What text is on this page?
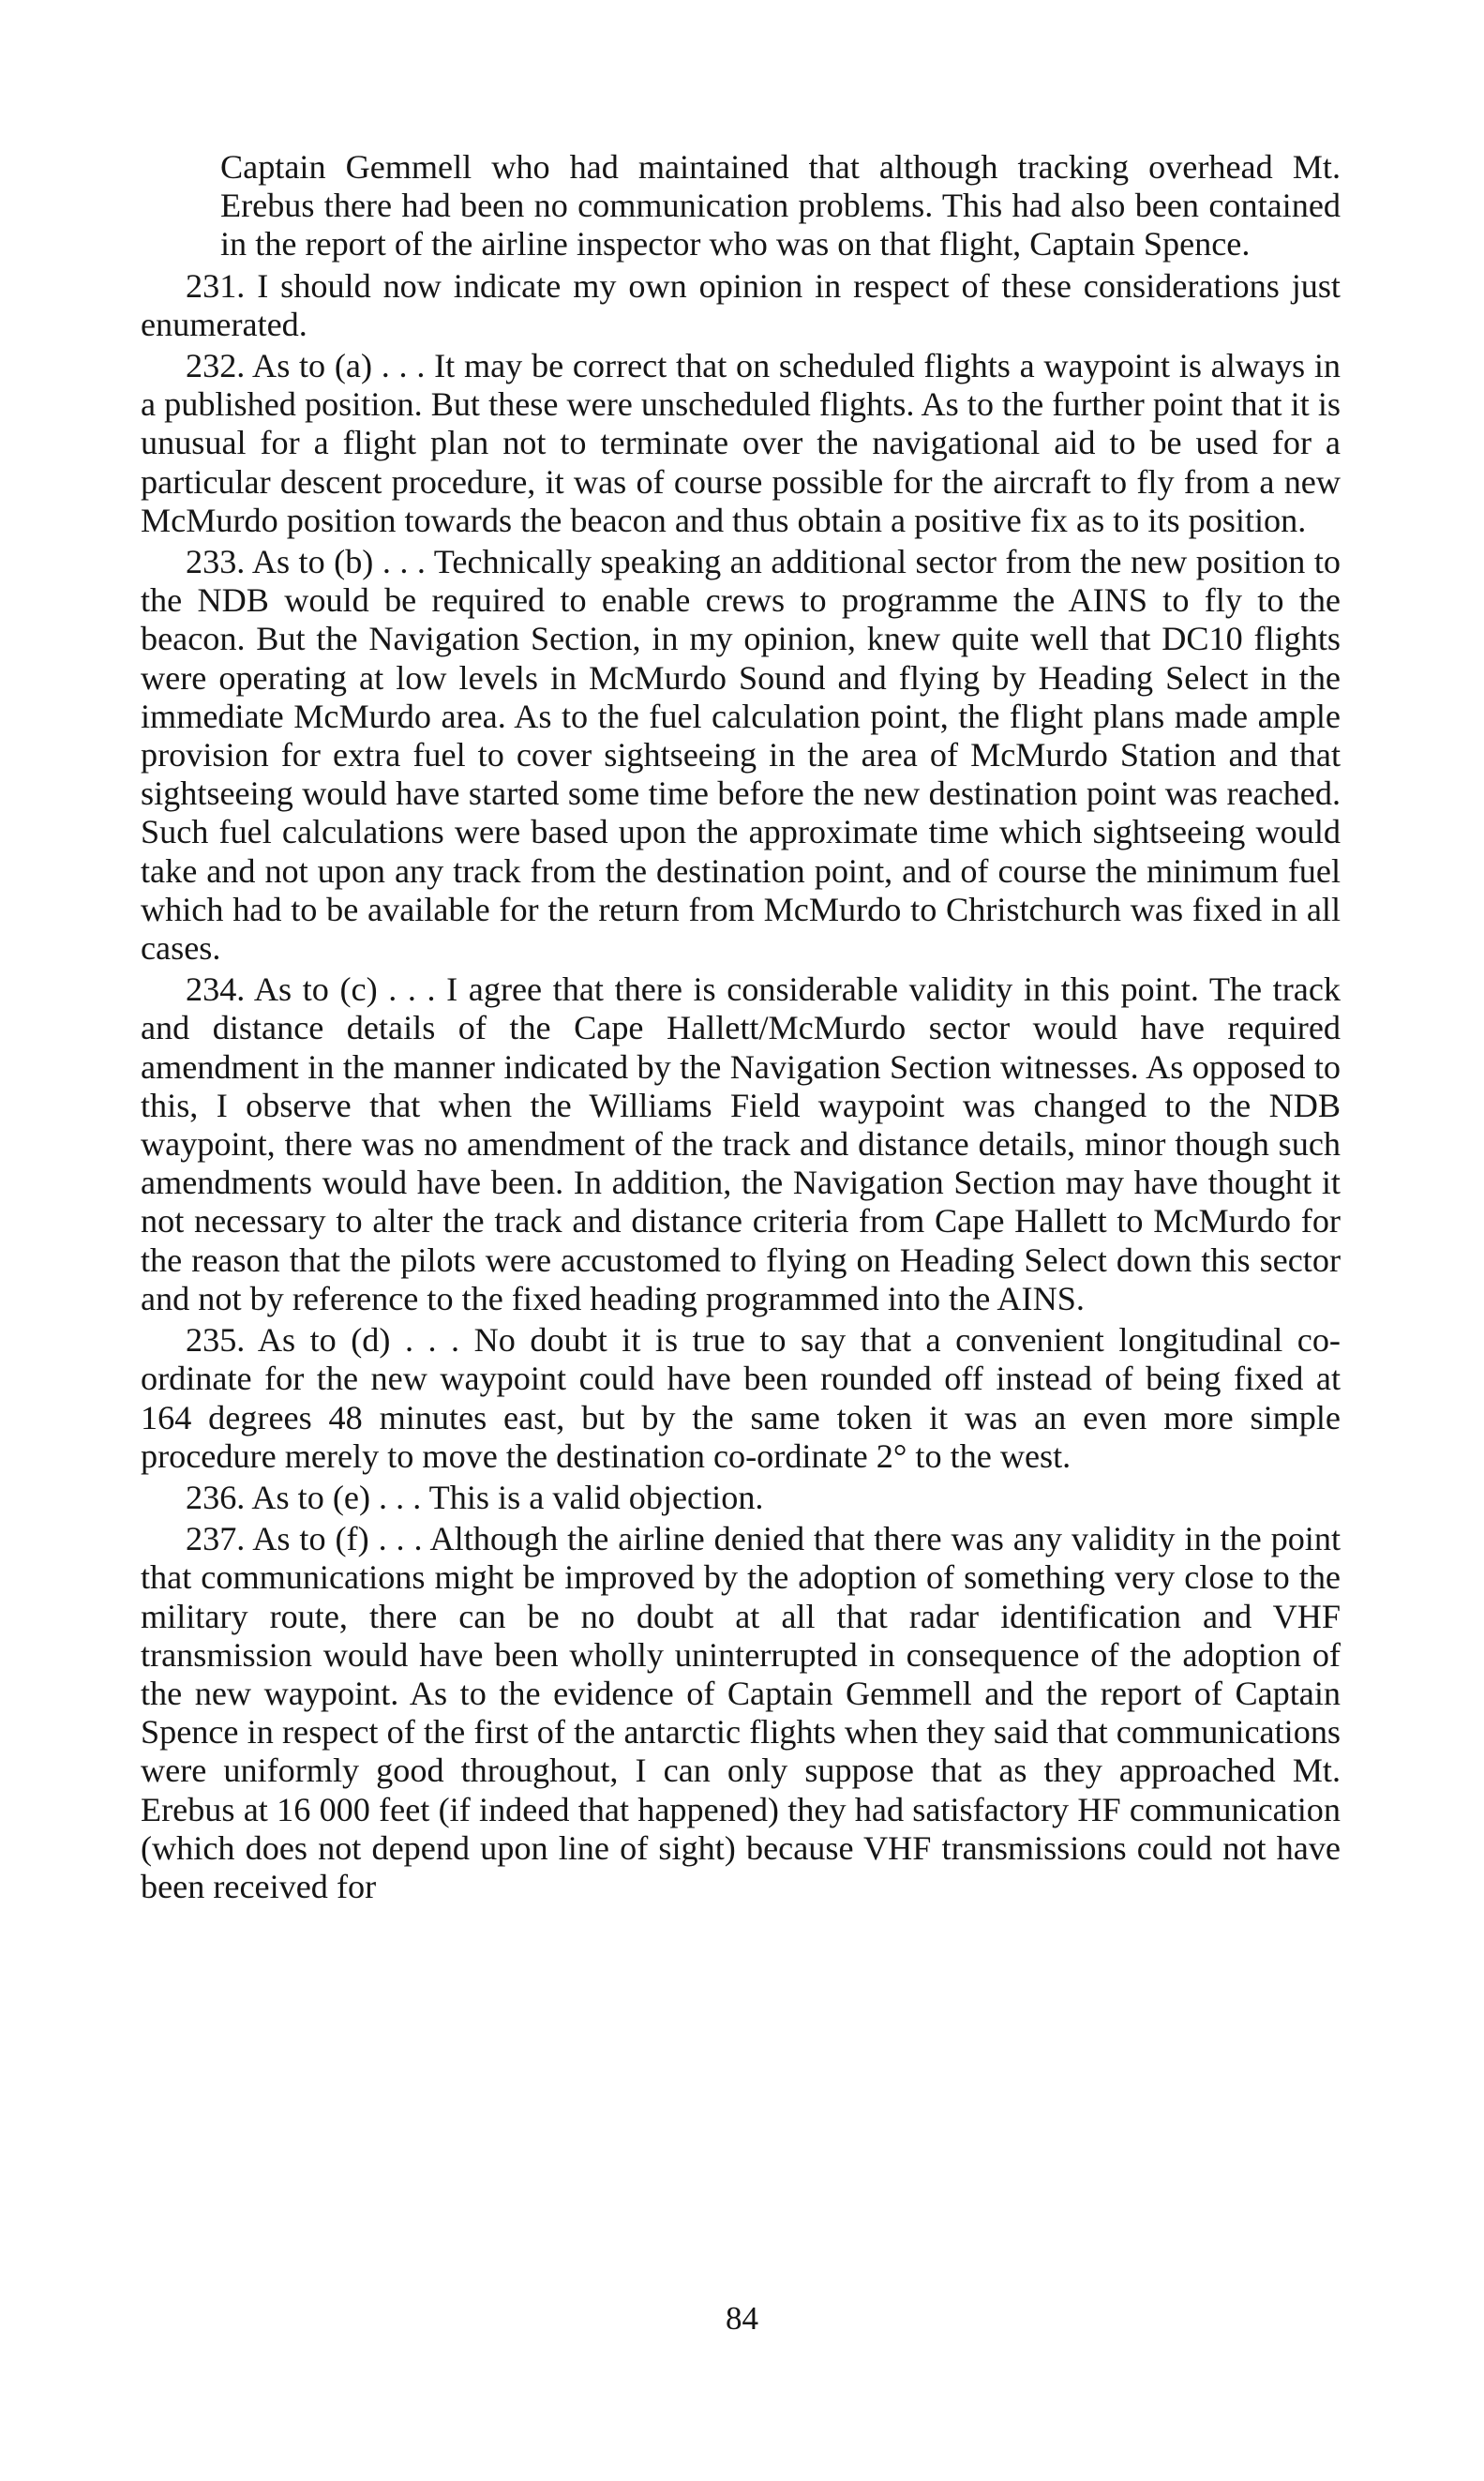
Captain Gemmell who had maintained that although tracking overhead Mt. Erebus there had been no communication problems. This had also been contained in the report of the airline inspector who was on that flight, Captain Spence.

231. I should now indicate my own opinion in respect of these considerations just enumerated.

232. As to (a) . . . It may be correct that on scheduled flights a waypoint is always in a published position. But these were unscheduled flights. As to the further point that it is unusual for a flight plan not to terminate over the navigational aid to be used for a particular descent procedure, it was of course possible for the aircraft to fly from a new McMurdo position towards the beacon and thus obtain a positive fix as to its position.

233. As to (b) . . . Technically speaking an additional sector from the new position to the NDB would be required to enable crews to programme the AINS to fly to the beacon. But the Navigation Section, in my opinion, knew quite well that DC10 flights were operating at low levels in McMurdo Sound and flying by Heading Select in the immediate McMurdo area. As to the fuel calculation point, the flight plans made ample provision for extra fuel to cover sightseeing in the area of McMurdo Station and that sightseeing would have started some time before the new destination point was reached. Such fuel calculations were based upon the approximate time which sightseeing would take and not upon any track from the destination point, and of course the minimum fuel which had to be available for the return from McMurdo to Christchurch was fixed in all cases.

234. As to (c) . . . I agree that there is considerable validity in this point. The track and distance details of the Cape Hallett/McMurdo sector would have required amendment in the manner indicated by the Navigation Section witnesses. As opposed to this, I observe that when the Williams Field waypoint was changed to the NDB waypoint, there was no amendment of the track and distance details, minor though such amendments would have been. In addition, the Navigation Section may have thought it not necessary to alter the track and distance criteria from Cape Hallett to McMurdo for the reason that the pilots were accustomed to flying on Heading Select down this sector and not by reference to the fixed heading programmed into the AINS.

235. As to (d) . . . No doubt it is true to say that a convenient longitudinal co-ordinate for the new waypoint could have been rounded off instead of being fixed at 164 degrees 48 minutes east, but by the same token it was an even more simple procedure merely to move the destination co-ordinate 2° to the west.

236. As to (e) . . . This is a valid objection.

237. As to (f) . . . Although the airline denied that there was any validity in the point that communications might be improved by the adoption of something very close to the military route, there can be no doubt at all that radar identification and VHF transmission would have been wholly uninterrupted in consequence of the adoption of the new waypoint. As to the evidence of Captain Gemmell and the report of Captain Spence in respect of the first of the antarctic flights when they said that communications were uniformly good throughout, I can only suppose that as they approached Mt. Erebus at 16 000 feet (if indeed that happened) they had satisfactory HF communication (which does not depend upon line of sight) because VHF transmissions could not have been received for

84
